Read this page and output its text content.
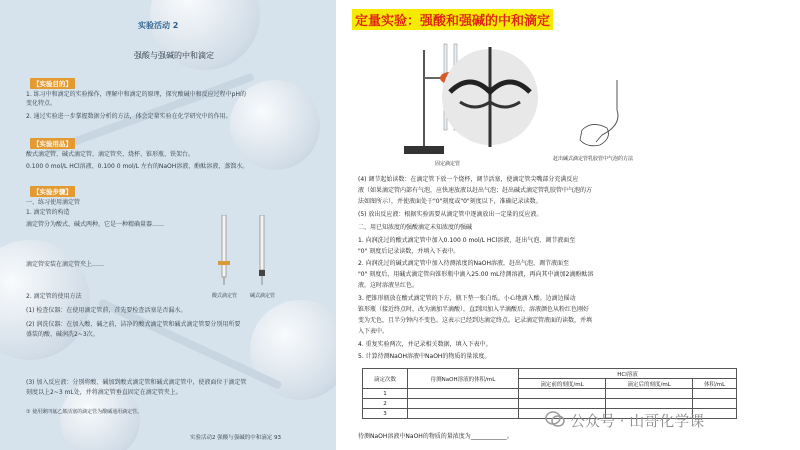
实验活动 2
强酸与强碱的中和滴定
【实验目的】
1. 练习中和滴定的实验操作，理解中和滴定的原理，探究酸碱中和反应过程中pH的
变化特点。
2. 通过实验进一步掌握数据分析的方法，体会定量实验在化学研究中的作用。
【实验用品】
酸式滴定管、碱式滴定管、滴定管夹、烧杯、锥形瓶、铁架台。
0.100 0 mol/L HCl溶液、0.100 0 mol/L 左右的NaOH溶液、酚酞溶液、蒸馏水。
【实验步骤】
一、练习使用滴定管
1. 滴定管的构造
滴定管分为酸式、碱式两种，它是一种精确量器……
滴定管安装在滴定管夹上……
2. 滴定管的使用方法
(1) 检查仪器：在使用滴定管前，首先要检查活塞是否漏水。
(2) 润洗仪器：在加入酸、碱之前，洁净的酸式滴定管和碱式滴定管要分别用所要
盛装的酸、碱润洗2~3次。
(3) 加入反应液：分别将酸、碱加到酸式滴定管和碱式滴定管中，使液面位于滴定管
刻度以上2~3 mL处，并将滴定管垂直固定在滴定管夹上。
酸式滴定管	碱式滴定管
① 使用聚四氟乙烯活塞的滴定管为酸碱通用滴定管。
实验活动2 强酸与强碱的中和滴定 93
定量实验：强酸和强碱的中和滴定
固定滴定管
赶出碱式滴定管乳胶管中气泡的方法
(4) 调节起始读数：在滴定管下放一个烧杯，调节活塞，使滴定管尖嘴部分充满反应
液（如果滴定管内部有气泡，应快速放液以赶出气泡；赶出碱式滴定管乳胶管中气泡的方
法如图所示），并使液面处于"0"刻度或"0"刻度以下，准确记录读数。
(5) 放出反应液：根据实验需要从滴定管中逐滴放出一定量的反应液。
二、用已知浓度的强酸滴定未知浓度的强碱
1. 向润洗过的酸式滴定管中加入0.100 0 mol/L HCl溶液，赶出气泡、调节液面至
"0" 刻度后记录读数，并填入下表中。
2. 向润洗过的碱式滴定管中加入待测浓度的NaOH溶液，赶出气泡、调节液面至
"0" 刻度后，用碱式滴定管向锥形瓶中滴入25.00 mL待测溶液，再向其中滴加2滴酚酞溶
液，这时溶液呈红色。
3. 把锥形瓶放在酸式滴定管的下方，瓶下垫一张白纸。小心地滴入酸。边滴边摇动
锥形瓶（接近终点时，改为滴加半滴酸），直到因加入半滴酸后，溶液颜色从粉红色刚好
变为无色，且半分钟内不变色。这表示已经到达滴定终点。记录滴定管液面的读数，并填
入下表中。
4. 重复实验两次，并记录相关数据，填入下表中。
5. 计算待测NaOH溶液中NaOH的物质的量浓度。
滴定次数	待测NaOH溶液的体积/mL	HCl溶液		
		滴定前的刻度/mL	滴定后的刻度/mL	体积/mL
1				
2				
3				
待测NaOH溶液中NaOH的物质的量浓度为____________。
公众号 · 山哥化学课
